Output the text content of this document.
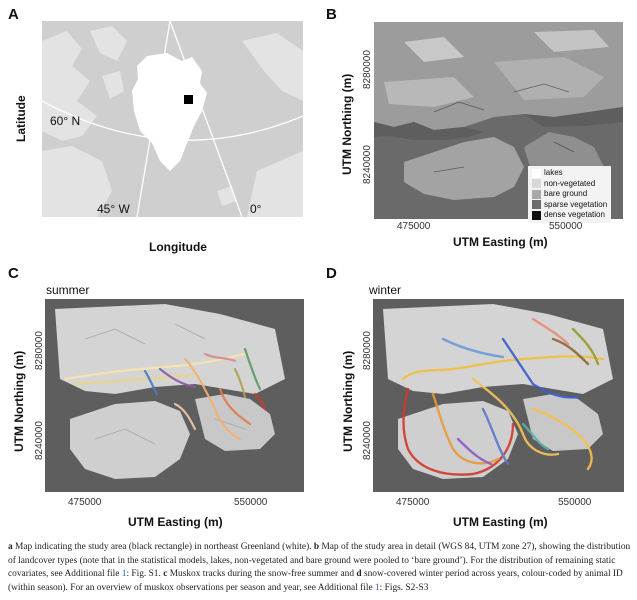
A
Latitude 60° N
45° W	0°
Longitude
B
UTM Northing (m)
8280000
8240000	lakes
non-vegetated
bare ground
sparse vegetation
dense vegetation
475000	550000
UTM Easting (m)
C
summer
UTM Northing (m)
8280000
8240000
475000	550000
UTM Easting (m)
D
winter
UTM Northing (m)
8280000
8240000
475000	550000
UTM Easting (m)
a Map indicating the study area (black rectangle) in northeast Greenland (white). b Map of the study area in detail (WGS 84, UTM zone 27), showing the distribution of landcover types (note that in the statistical models, lakes, non-vegetated and bare ground were pooled to ‘bare ground’). For the distribution of remaining static covariates, see Additional file 1: Fig. S1. c Muskox tracks during the snow-free summer and d snow-covered winter period across years, colour-coded by animal ID (within season). For an overview of muskox observations per season and year, see Additional file 1: Figs. S2-S3
